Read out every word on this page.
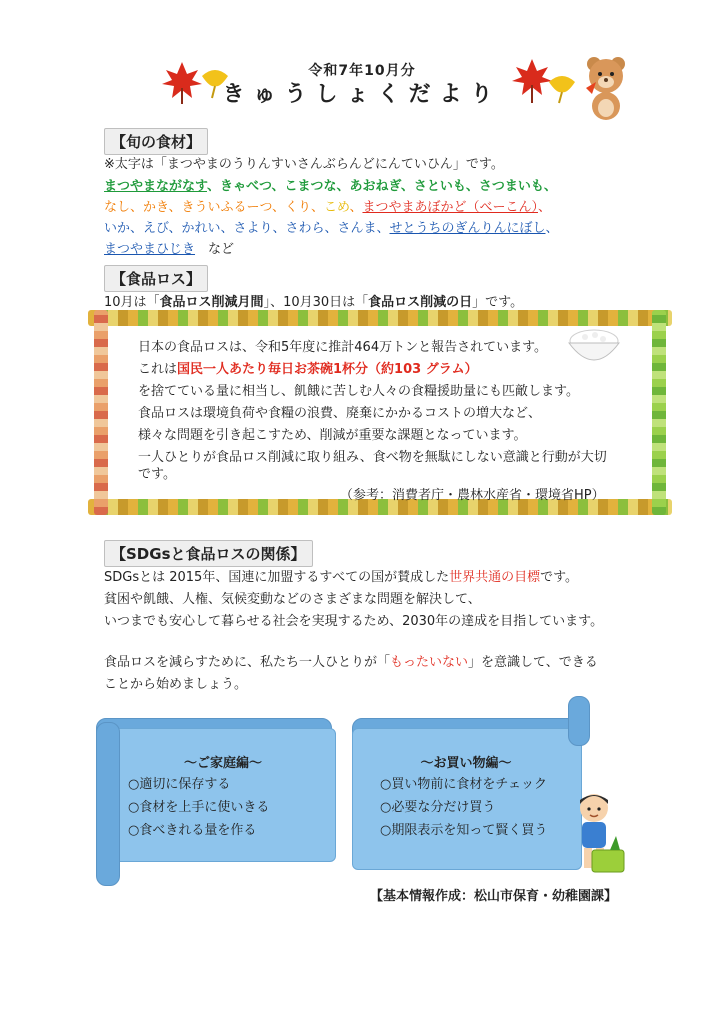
令和7年10月分
きゅうしょくだより
【旬の食材】
※太字は「まつやまのうりんすいさんぶらんどにんていひん」です。
まつやまながなす、きゃべつ、こまつな、あおねぎ、さといも、さつまいも、
なし、かき、きういふるーつ、くり、こめ、まつやまあぼかど（べーこん）、
いか、えび、かれい、さより、さわら、さんま、せとうちのぎんりんにぼし、
まつやまひじき　など
【食品ロス】
10月は「食品ロス削減月間」、10月30日は「食品ロス削減の日」です。
日本の食品ロスは、令和5年度に推計464万トンと報告されています。
これは国民一人あたり毎日お茶碗1杯分（約103 グラム）
を捨てている量に相当し、飢餓に苦しむ人々の食糧援助量にも匹敵します。
食品ロスは環境負荷や食糧の浪費、廃棄にかかるコストの増大など、
様々な問題を引き起こすため、削減が重要な課題となっています。
一人ひとりが食品ロス削減に取り組み、食べ物を無駄にしない意識と行動が大切
です。
（参考：消費者庁・農林水産省・環境省HP）
【SDGsと食品ロスの関係】
SDGsとは 2015年、国連に加盟するすべての国が賛成した世界共通の目標です。
貧困や飢餓、人権、気候変動などのさまざまな問題を解決して、
いつまでも安心して暮らせる社会を実現するため、2030年の達成を目指しています。
食品ロスを減らすために、私たち一人ひとりが「もったいない」を意識して、できる
ことから始めましょう。
～ご家庭編～
○適切に保存する
○食材を上手に使いきる
○食べきれる量を作る
～お買い物編～
○買い物前に食材をチェック
○必要な分だけ買う
○期限表示を知って賢く買う
【基本情報作成：松山市保育・幼稚園課】
